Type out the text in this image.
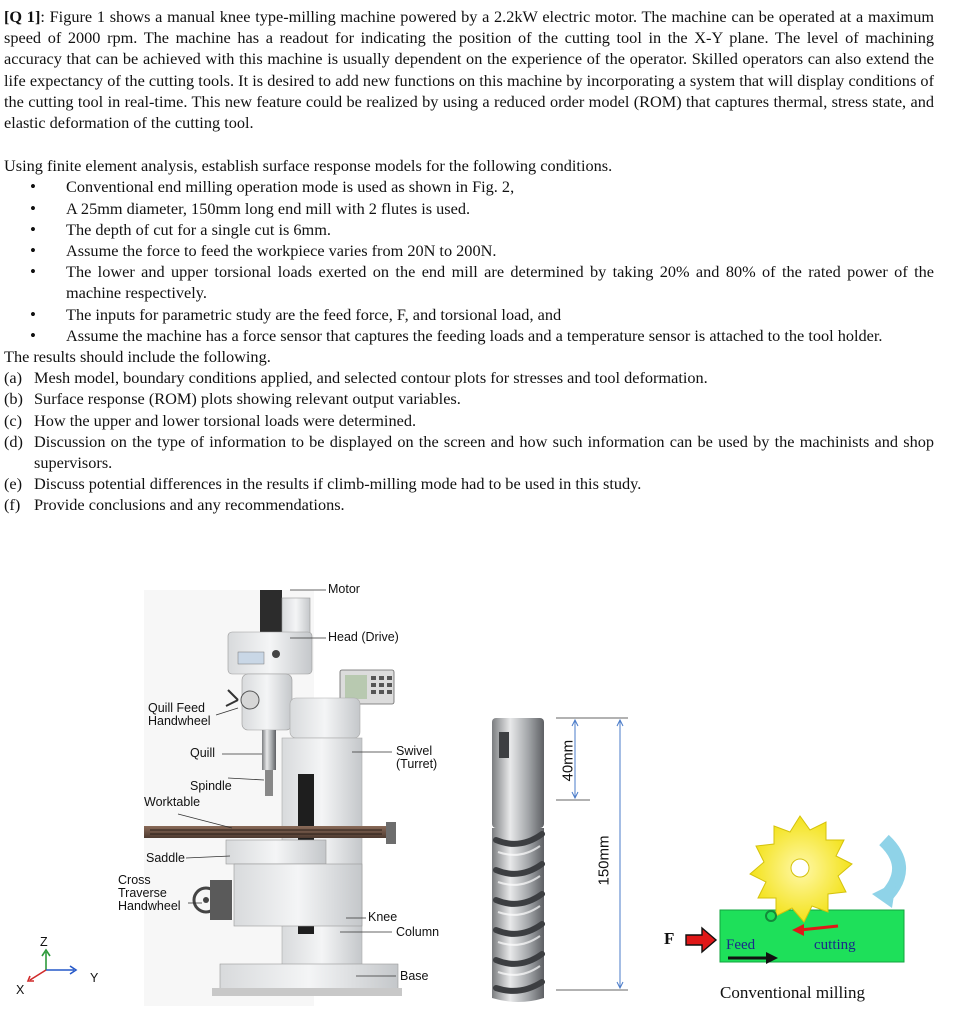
[Q 1]: Figure 1 shows a manual knee type-milling machine powered by a 2.2kW electric motor. The machine can be operated at a maximum speed of 2000 rpm. The machine has a readout for indicating the position of the cutting tool in the X-Y plane. The level of machining accuracy that can be achieved with this machine is usually dependent on the experience of the operator. Skilled operators can also extend the life expectancy of the cutting tools. It is desired to add new functions on this machine by incorporating a system that will display conditions of the cutting tool in real-time. This new feature could be realized by using a reduced order model (ROM) that captures thermal, stress state, and elastic deformation of the cutting tool.

Using finite element analysis, establish surface response models for the following conditions.
• Conventional end milling operation mode is used as shown in Fig. 2,
• A 25mm diameter, 150mm long end mill with 2 flutes is used.
• The depth of cut for a single cut is 6mm.
• Assume the force to feed the workpiece varies from 20N to 200N.
• The lower and upper torsional loads exerted on the end mill are determined by taking 20% and 80% of the rated power of the machine respectively.
• The inputs for parametric study are the feed force, F, and torsional load, and
• Assume the machine has a force sensor that captures the feeding loads and a temperature sensor is attached to the tool holder.
The results should include the following.
(a) Mesh model, boundary conditions applied, and selected contour plots for stresses and tool deformation.
(b) Surface response (ROM) plots showing relevant output variables.
(c) How the upper and lower torsional loads were determined.
(d) Discussion on the type of information to be displayed on the screen and how such information can be used by the machinists and shop supervisors.
(e) Discuss potential differences in the results if climb-milling mode had to be used in this study.
(f) Provide conclusions and any recommendations.
Motor
Head (Drive)
Quill Feed
Handwheel
Quill	Swivel
(Turret)
Spindle
Worktable
Saddle
Cross
Traverse
Handwheel
Knee
Column
Base
Z
Y
X
40mm
150mm
F	Feed	cutting
Conventional milling
